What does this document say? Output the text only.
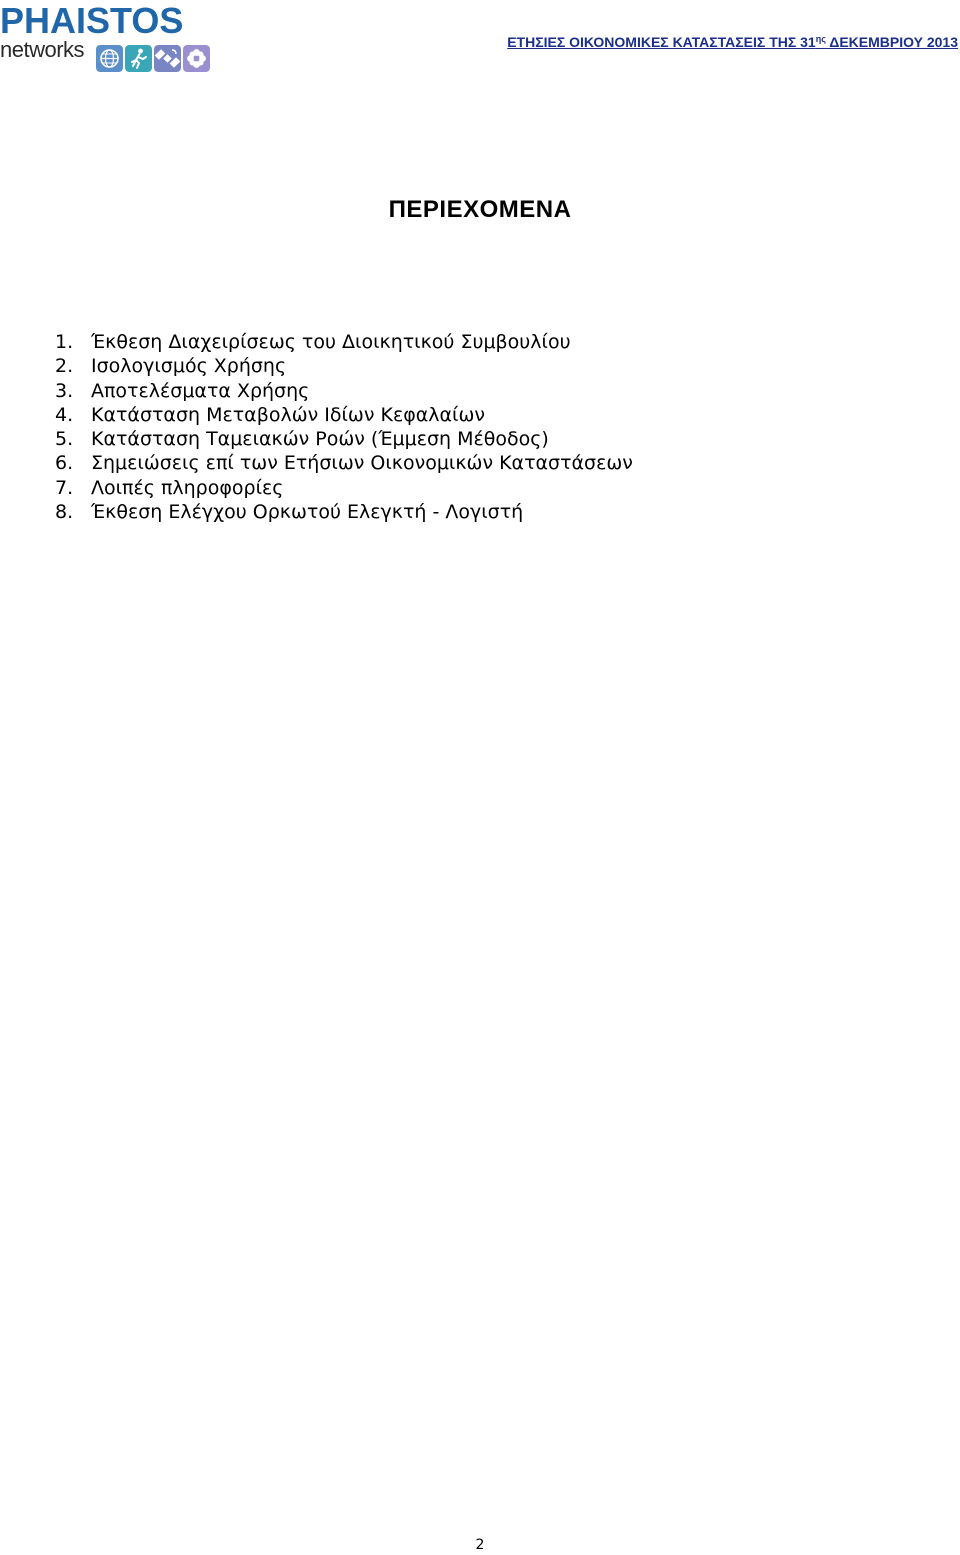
PHAISTOS
networks	ΕΤΗΣΙΕΣ ΟΙΚΟΝΟΜΙΚΕΣ ΚΑΤΑΣΤΑΣΕΙΣ ΤΗΣ $31^{\eta\varsigma}$ ΔΕΚΕΜΒΡΙΟΥ 2013
ΠΕΡΙΕΧΟΜΕΝΑ
1. Έκθεση Διαχειρίσεως του Διοικητικού Συμβουλίου
2. Ισολογισμός Χρήσης
3. Αποτελέσματα Χρήσης
4. Κατάσταση Μεταβολών Ιδίων Κεφαλαίων
5. Κατάσταση Ταμειακών Ροών (Έμμεση Μέθοδος)
6. Σημειώσεις επί των Ετήσιων Οικονομικών Καταστάσεων
7. Λοιπές πληροφορίες
8. Έκθεση Ελέγχου Ορκωτού Ελεγκτή - Λογιστή
2
